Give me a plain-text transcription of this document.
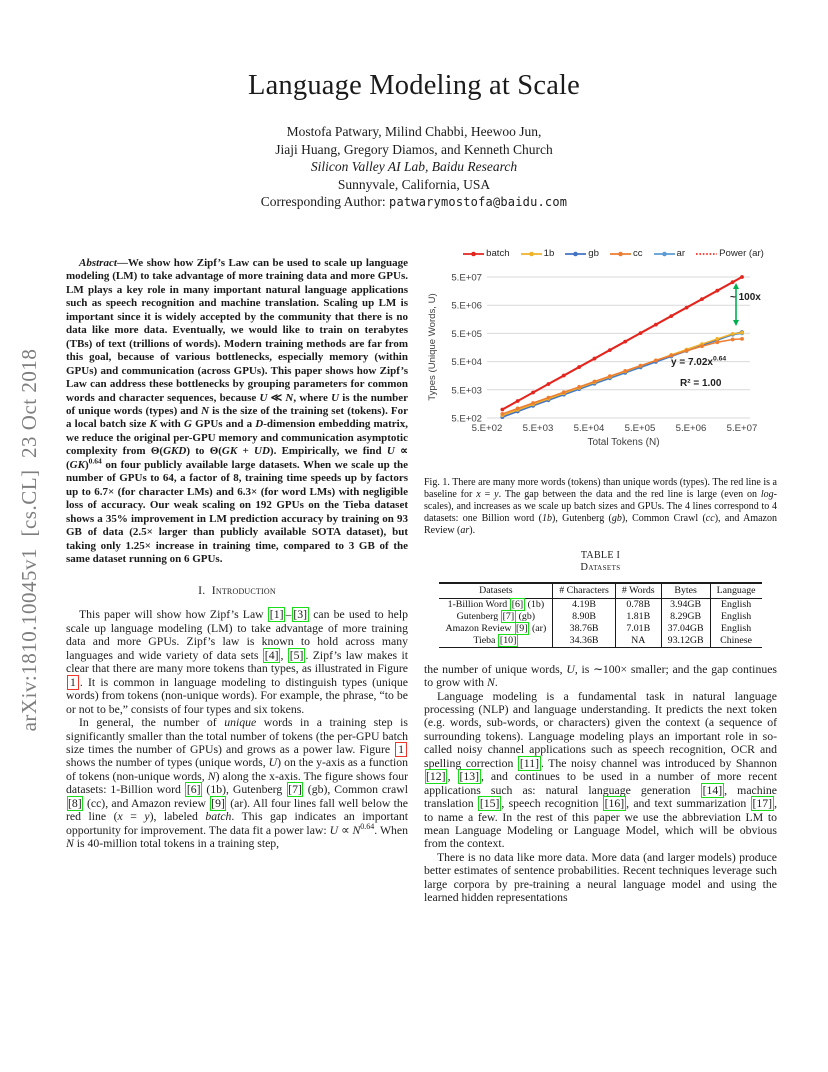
arXiv:1810.10045v1  [cs.CL]  23 Oct 2018
Language Modeling at Scale
Mostofa Patwary, Milind Chabbi, Heewoo Jun,
Jiaji Huang, Gregory Diamos, and Kenneth Church
Silicon Valley AI Lab, Baidu Research
Sunnyvale, California, USA
Corresponding Author: patwarymostofa@baidu.com

Abstract—We show how Zipf’s Law can be used to scale up language modeling (LM) to take advantage of more training data and more GPUs. LM plays a key role in many important natural language applications such as speech recognition and machine translation. Scaling up LM is important since it is widely accepted by the community that there is no data like more data. Eventually, we would like to train on terabytes (TBs) of text (trillions of words). Modern training methods are far from this goal, because of various bottlenecks, especially memory (within GPUs) and communication (across GPUs). This paper shows how Zipf’s Law can address these bottlenecks by grouping parameters for common words and character sequences, because U ≪ N, where U is the number of unique words (types) and N is the size of the training set (tokens). For a local batch size K with G GPUs and a D-dimension embedding matrix, we reduce the original per-GPU memory and communication asymptotic complexity from Θ(GKD) to Θ(GK + UD). Empirically, we find U ∝ (GK)$^{0.64}$ on four publicly available large datasets. When we scale up the number of GPUs to 64, a factor of 8, training time speeds up by factors up to 6.7× (for character LMs) and 6.3× (for word LMs) with negligible loss of accuracy. Our weak scaling on 192 GPUs on the Tieba dataset shows a 35% improvement in LM prediction accuracy by training on 93 GB of data (2.5× larger than publicly available SOTA dataset), but taking only 1.25× increase in training time, compared to 3 GB of the same dataset running on 6 GPUs.

I. Introduction

This paper will show how Zipf’s Law [1] – [3] can be used to help scale up language modeling (LM) to take advantage of more training data and more GPUs. Zipf’s law is known to hold across many languages and wide variety of data sets [4] , [5] . Zipf’s law makes it clear that there are many more tokens than types, as illustrated in Figure 1 . It is common in language modeling to distinguish types (unique words) from tokens (non-unique words). For example, the phrase, “to be or not to be,” consists of four types and six tokens.

In general, the number of unique words in a training step is significantly smaller than the total number of tokens (the per-GPU batch size times the number of GPUs) and grows as a power law. Figure 1 shows the number of types (unique words, U) on the y-axis as a function of tokens (non-unique words, N) along the x-axis. The figure shows four datasets: 1-Billion word [6] (1b), Gutenberg [7] (gb), Common crawl [8] (cc), and Amazon review [9] (ar). All four lines fall well below the red line (x = y), labeled batch. This gap indicates an important opportunity for improvement. The data fit a power law: $U \propto N^{0.64}$. When N is 40-million total tokens in a training step,

batch	1b	gb	cc	ar	Power (ar)
Types (Unique Words, U)
5.E+02
5.E+03
5.E+04
5.E+05
5.E+06
5.E+07
5.E+02 5.E+03 5.E+04 5.E+05 5.E+06 5.E+07
$y = 7.02x^{0.64}$
R² = 1.00
~ 100x
Total Tokens (N)

Fig. 1. There are many more words (tokens) than unique words (types). The red line is a baseline for x = y. The gap between the data and the red line is large (even on log-scales), and increases as we scale up batch sizes and GPUs. The 4 lines correspond to 4 datasets: one Billion word (1b), Gutenberg (gb), Common Crawl (cc), and Amazon Review (ar).

TABLE I
Datasets
Datasets	# Characters	# Words	Bytes	Language
1-Billion Word [6] (1b)	4.19B	0.78B	3.94GB	English
Gutenberg [7] (gb)	8.90B	1.81B	8.29GB	English
Amazon Review [9] (ar)	38.76B	7.01B	37.04GB	English
Tieba [10]	34.36B	NA	93.12GB	Chinese

the number of unique words, U, is ∼100× smaller; and the gap continues to grow with N.

Language modeling is a fundamental task in natural language processing (NLP) and language understanding. It predicts the next token (e.g. words, sub-words, or characters) given the context (a sequence of surrounding tokens). Language modeling plays an important role in so-called noisy channel applications such as speech recognition, OCR and spelling correction [11] . The noisy channel was introduced by Shannon [12] , [13] , and continues to be used in a number of more recent applications such as: natural language generation [14] , machine translation [15] , speech recognition [16] , and text summarization [17] , to name a few. In the rest of this paper we use the abbreviation LM to mean Language Modeling or Language Model, which will be obvious from the context.

There is no data like more data. More data (and larger models) produce better estimates of sentence probabilities. Recent techniques leverage such large corpora by pre-training a neural language model and using the learned hidden representations
